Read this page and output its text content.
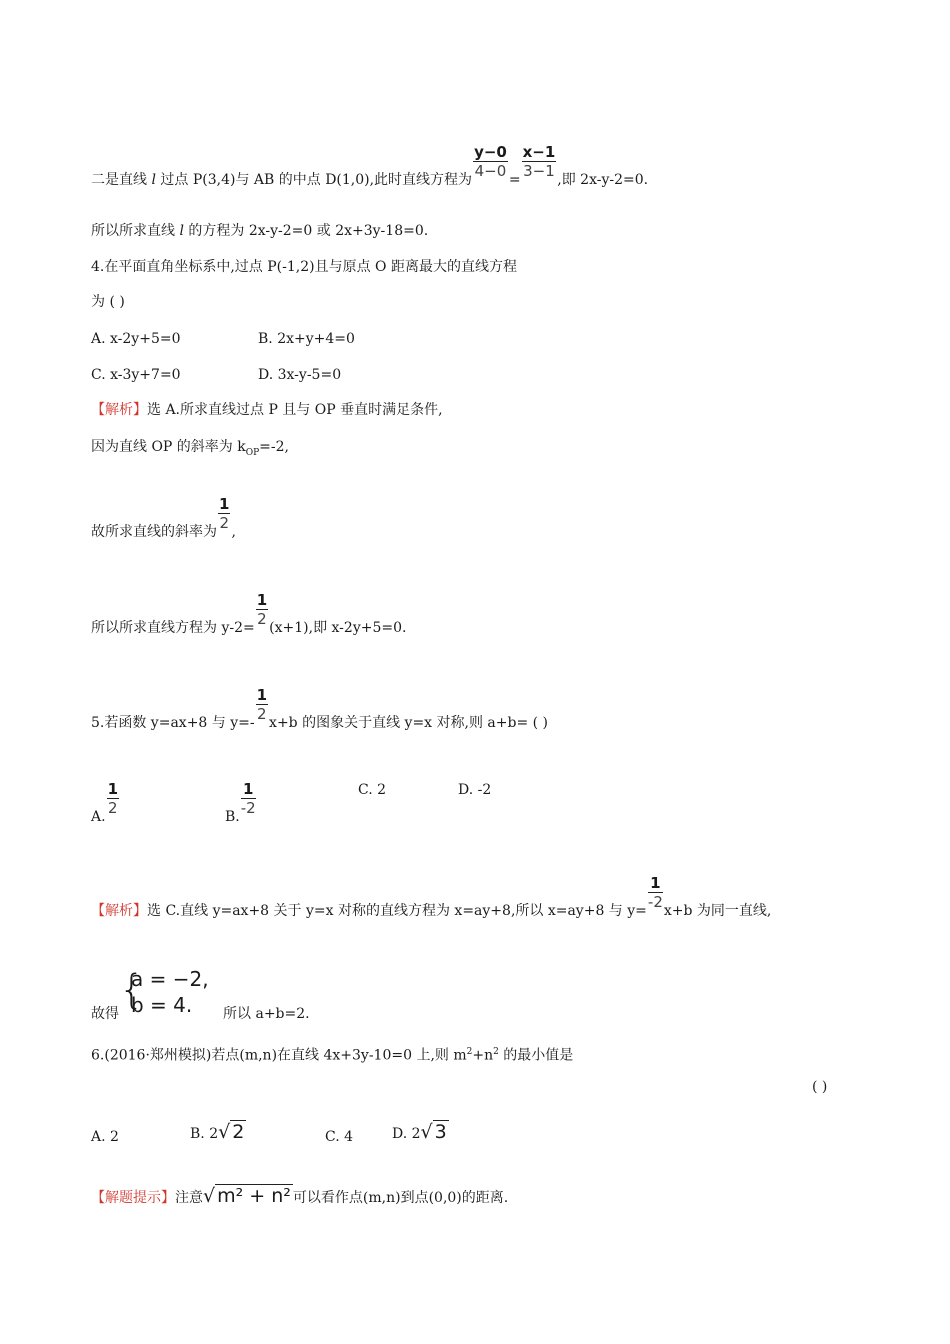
二是直线 l 过点 P(3,4)与 AB 的中点 D(1,0),此时直线方程为 $\frac{y-0}{4-0} = \frac{x-1}{3-1}$ ,即 2x-y-2=0.
所以所求直线 l 的方程为 2x-y-2=0 或 2x+3y-18=0.
4.在平面直角坐标系中,过点 P(-1,2)且与原点 O 距离最大的直线方程
为 ( )
A. x-2y+5=0	B. 2x+y+4=0
C. x-3y+7=0	D. 3x-y-5=0
【解析】选 A.所求直线过点 P 且与 OP 垂直时满足条件,
因为直线 OP 的斜率为 $k_{OP}=-2$,
故所求直线的斜率为 $\frac{1}{2}$ ,
所以所求直线方程为 $y-2= \frac{1}{2} (x+1)$,即 x-2y+5=0.
5.若函数 y=ax+8 与 $y=- \frac{1}{2} x+b$ 的图象关于直线 y=x 对称,则 a+b= ( )
A. $\frac{1}{2}$	B. $\frac{1}{-2}$	C. 2	D. -2
【解析】选 C.直线 y=ax+8 关于 y=x 对称的直线方程为 x=ay+8,所以 x=ay+8 与 $y= \frac{1}{-2} x+b$ 为同一直线,
故得
{
a = −2,
b = 4.	所以 a+b=2.
6.(2016·郑州模拟)若点(m,n)在直线 4x+3y-10=0 上,则 $m^2+n^2$ 的最小值是
( )
A. 2	B. 2√ 2	C. 4	D. 2√ 3
【解题提示】注意√ m² + n² 可以看作点(m,n)到点(0,0)的距离.
